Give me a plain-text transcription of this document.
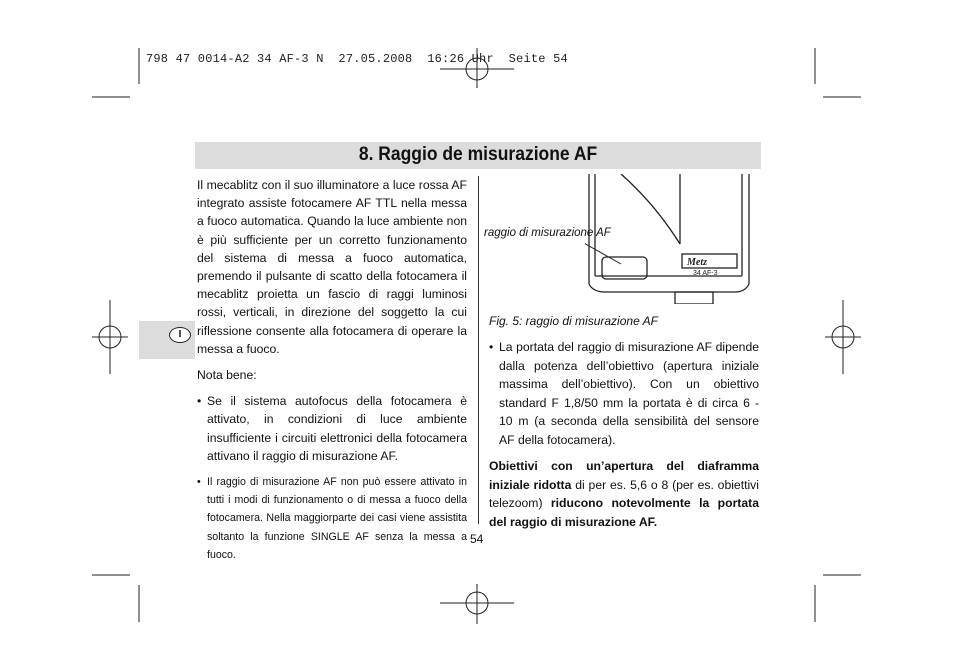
798 47 0014-A2 34 AF-3 N  27.05.2008  16:26 Uhr  Seite 54
8. Raggio de misurazione AF
I

Il mecablitz con il suo illuminatore a luce rossa AF integrato assiste fotocamere AF TTL nella messa a fuoco automatica. Quando la luce ambiente non è più sufficiente per un corretto funzionamento del sistema di messa a fuoco automatica, premendo il pulsante di scatto della fotocamera il mecablitz proietta un fascio di raggi luminosi rossi, verticali, in direzione del soggetto la cui riflessione consente alla fotocamera di operare la messa a fuoco.

Nota bene:

• Se il sistema autofocus della fotocamera è attivato, in condizioni di luce ambiente insufficiente i circuiti elettronici della fotocamera attivano il raggio di misurazione AF.
• Il raggio di misurazione AF non può essere attivato in tutti i modi di funzionamento o di messa a fuoco della fotocamera. Nella maggiorparte dei casi viene assistita soltanto la funzione SINGLE AF senza la messa a fuoco.
Metz
34 AF-3
raggio di misurazione AF
Fig. 5: raggio di misurazione AF
• La portata del raggio di misurazione AF dipende dalla potenza dell’obiettivo (apertura iniziale massima dell’obiettivo). Con un obiettivo standard F 1,8/50 mm la portata è di circa 6 - 10 m (a seconda della sensibilità del sensore AF della fotocamera).

Obiettivi con un’apertura del diaframma iniziale ridotta di per es. 5,6 o 8 (per es. obiettivi telezoom) riducono notevolmente la portata del raggio di misurazione AF.

54
